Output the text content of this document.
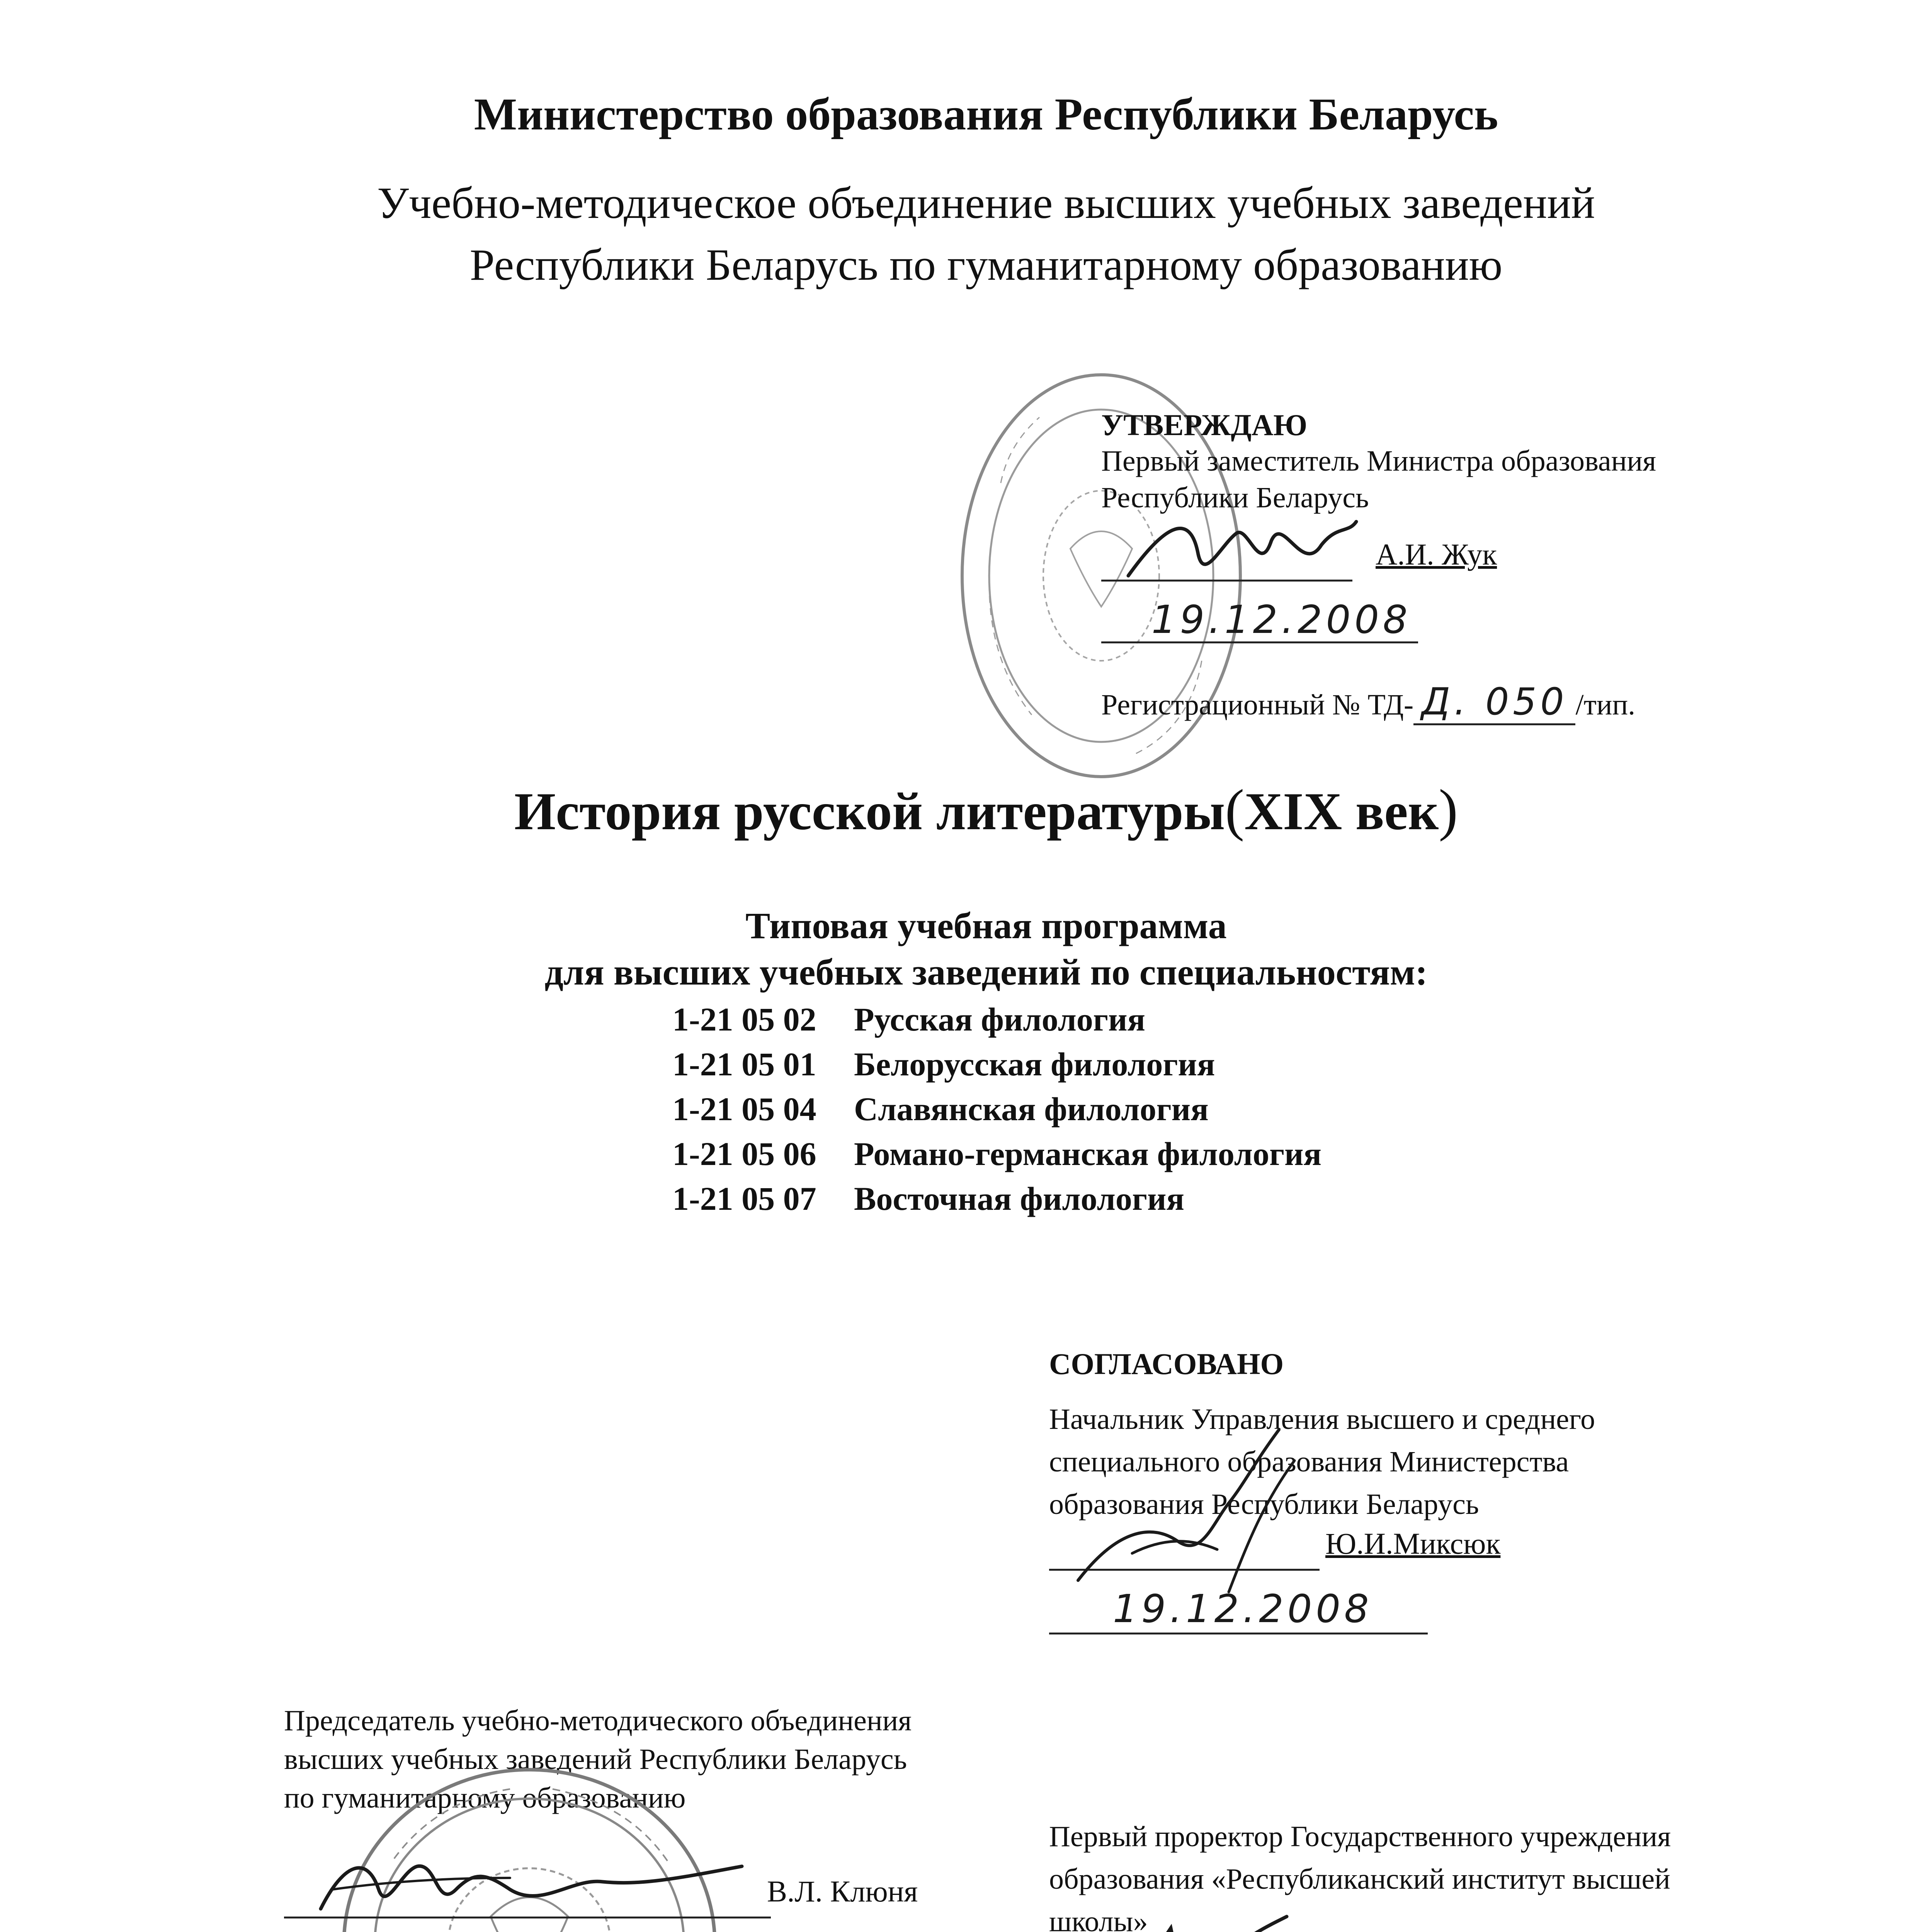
Министерство образования Республики Беларусь
Учебно-методическое объединение высших учебных заведений
Республики Беларусь по гуманитарному образованию
УТВЕРЖДАЮ
Первый заместитель Министра образования
Республики Беларусь
А.И. Жук
19.12.2008
Регистрационный № ТД- Д. 050 /тип.
История русской литературы(XIX век)
Типовая учебная программа
для высших учебных заведений по специальностям:
1-21 05 02 Русская филология
1-21 05 01 Белорусская филология
1-21 05 04 Славянская филология
1-21 05 06 Романо-германская филология
1-21 05 07 Восточная филология
СОГЛАСОВАНО
Начальник Управления высшего и среднего
специального образования Министерства
образования Республики Беларусь
Ю.И.Миксюк
19.12.2008
Председатель учебно-методического объединения
высших учебных заведений Республики Беларусь
по гуманитарному образованию
В.Л. Клюня
Первый проректор Государственного учреждения
образования «Республиканский институт высшей
школы»
